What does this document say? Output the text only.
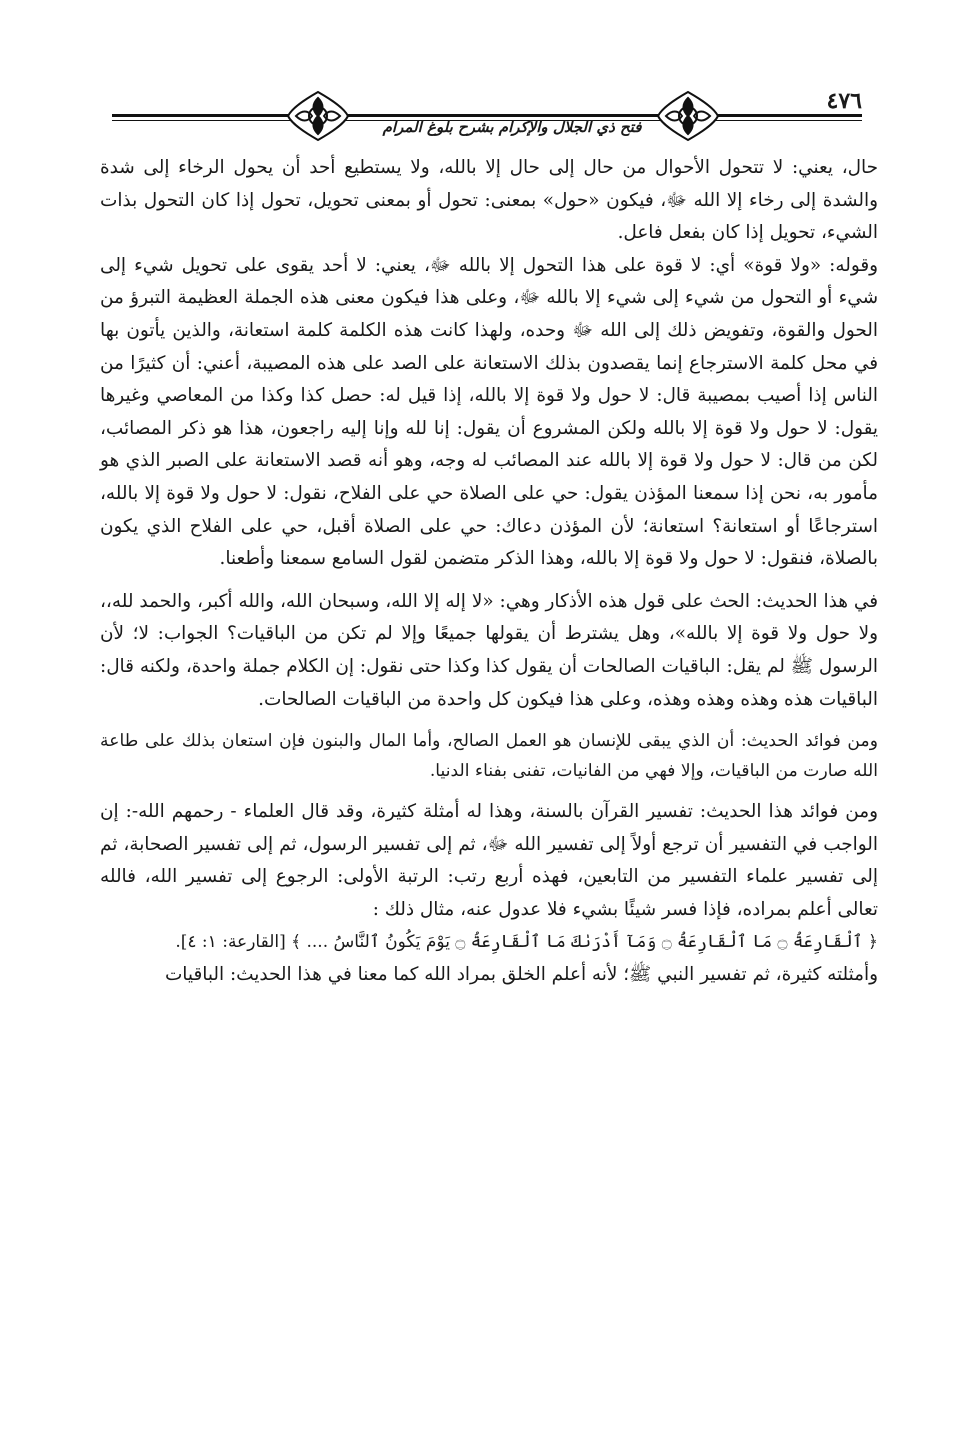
٤٧٦
فتح ذي الجلال والإكرام بشرح بلوغ المرام

حال، يعني: لا تتحول الأحوال من حال إلى حال إلا بالله، ولا يستطيع أحد أن يحول الرخاء إلى شدة والشدة إلى رخاء إلا الله ﷻ، فيكون «حول» بمعنى: تحول أو بمعنى تحويل، تحول إذا كان التحول بذات الشيء، تحويل إذا كان بفعل فاعل.

وقوله: «ولا قوة» أي: لا قوة على هذا التحول إلا بالله ﷻ، يعني: لا أحد يقوى على تحويل شيء إلى شيء أو التحول من شيء إلى شيء إلا بالله ﷻ، وعلى هذا فيكون معنى هذه الجملة العظيمة التبرؤ من الحول والقوة، وتفويض ذلك إلى الله ﷻ وحده، ولهذا كانت هذه الكلمة كلمة استعانة، والذين يأتون بها في محل كلمة الاسترجاع إنما يقصدون بذلك الاستعانة على الصد على هذه المصيبة، أعني: أن كثيرًا من الناس إذا أصيب بمصيبة قال: لا حول ولا قوة إلا بالله، إذا قيل له: حصل كذا وكذا من المعاصي وغيرها يقول: لا حول ولا قوة إلا بالله ولكن المشروع أن يقول: إنا لله وإنا إليه راجعون، هذا هو ذكر المصائب، لكن من قال: لا حول ولا قوة إلا بالله عند المصائب له وجه، وهو أنه قصد الاستعانة على الصبر الذي هو مأمور به، نحن إذا سمعنا المؤذن يقول: حي على الصلاة حي على الفلاح، نقول: لا حول ولا قوة إلا بالله، استرجاعًا أو استعانة؟ استعانة؛ لأن المؤذن دعاك: حي على الصلاة أقبل، حي على الفلاح الذي يكون بالصلاة، فنقول: لا حول ولا قوة إلا بالله، وهذا الذكر متضمن لقول السامع سمعنا وأطعنا.

في هذا الحديث: الحث على قول هذه الأذكار وهي: «لا إله إلا الله، وسبحان الله، والله أكبر، والحمد لله،، ولا حول ولا قوة إلا بالله»، وهل يشترط أن يقولها جميعًا وإلا لم تكن من الباقيات؟ الجواب: لا؛ لأن الرسول ﷺ لم يقل: الباقيات الصالحات أن يقول كذا وكذا حتى نقول: إن الكلام جملة واحدة، ولكنه قال: الباقيات هذه وهذه وهذه وهذه، وعلى هذا فيكون كل واحدة من الباقيات الصالحات.

ومن فوائد الحديث: أن الذي يبقى للإنسان هو العمل الصالح، وأما المال والبنون فإن استعان بذلك على طاعة الله صارت من الباقيات، وإلا فهي من الفانيات، تفنى بفناء الدنيا.

ومن فوائد هذا الحديث: تفسير القرآن بالسنة، وهذا له أمثلة كثيرة، وقد قال العلماء - رحمهم الله-: إن الواجب في التفسير أن ترجع أولاً إلى تفسير الله ﷻ، ثم إلى تفسير الرسول، ثم إلى تفسير الصحابة، ثم إلى تفسير علماء التفسير من التابعين، فهذه أربع رتب: الرتبة الأولى: الرجوع إلى تفسير الله، فالله تعالى أعلم بمراده، فإذا فسر شيئًا بشيء فلا عدول عنه، مثال ذلك :

﴿ ٱلْقَارِعَةُ ۝ مَا ٱلْقَارِعَةُ ۝ وَمَآ أَدْرَىٰكَ مَا ٱلْقَارِعَةُ ۝ يَوْمَ يَكُونُ ٱلنَّاسُ .... ﴾ [القارعة: ١: ٤].

وأمثلته كثيرة، ثم تفسير النبي ﷺ؛ لأنه أعلم الخلق بمراد الله كما معنا في هذا الحديث: الباقيات
